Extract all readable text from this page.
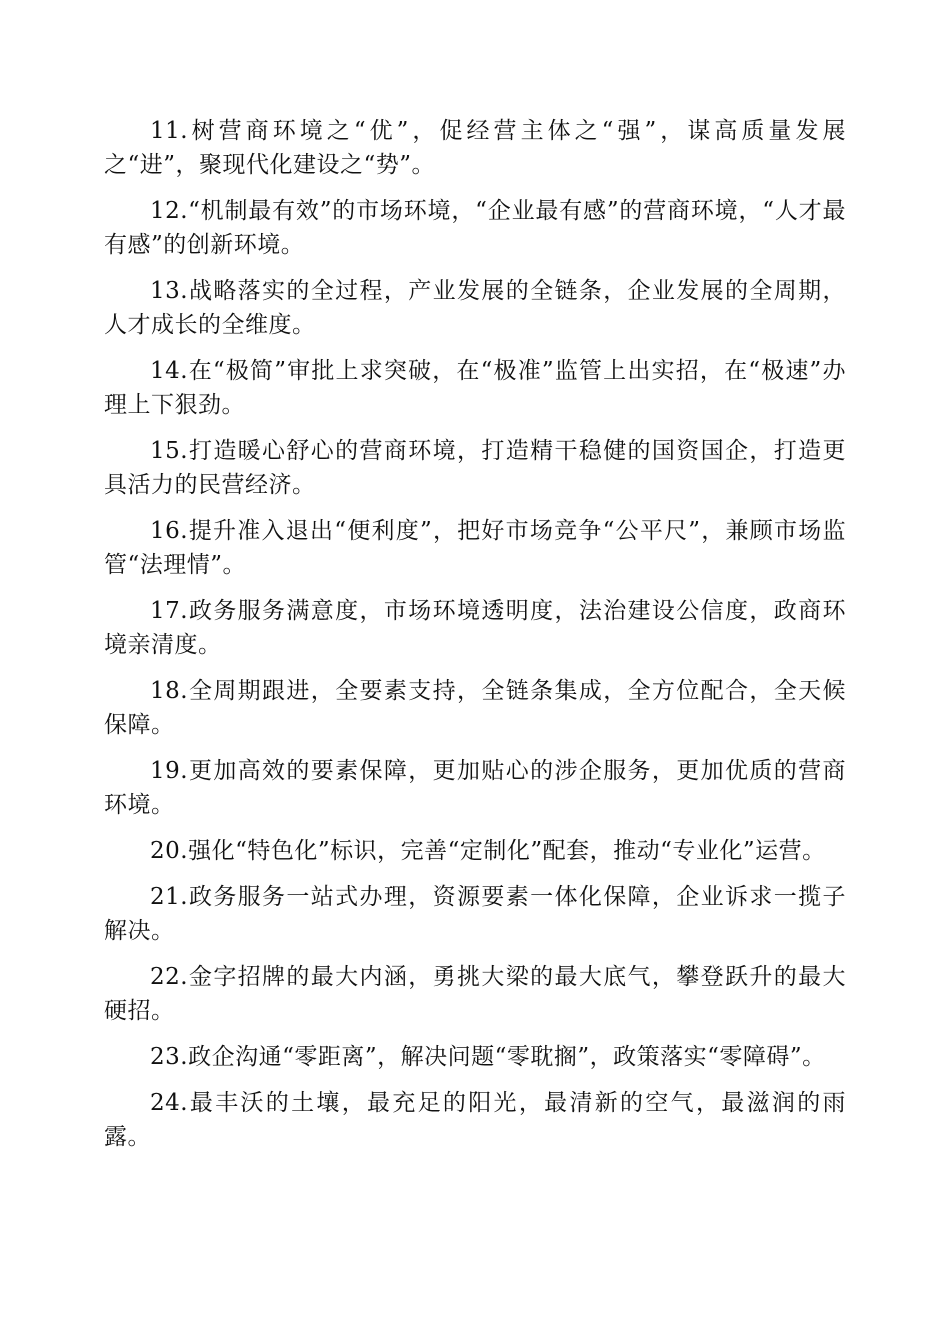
11.树营商环境之“优”，促经营主体之“强”，谋高质量发展之“进”，聚现代化建设之“势”。

12.“机制最有效”的市场环境，“企业最有感”的营商环境，“人才最有感”的创新环境。

13.战略落实的全过程，产业发展的全链条，企业发展的全周期，人才成长的全维度。

14.在“极简”审批上求突破，在“极准”监管上出实招，在“极速”办理上下狠劲。

15.打造暖心舒心的营商环境，打造精干稳健的国资国企，打造更具活力的民营经济。

16.提升准入退出“便利度”，把好市场竞争“公平尺”，兼顾市场监管“法理情”。

17.政务服务满意度，市场环境透明度，法治建设公信度，政商环境亲清度。

18.全周期跟进，全要素支持，全链条集成，全方位配合，全天候保障。

19.更加高效的要素保障，更加贴心的涉企服务，更加优质的营商环境。

20.强化“特色化”标识，完善“定制化”配套，推动“专业化”运营。

21.政务服务一站式办理，资源要素一体化保障，企业诉求一揽子解决。

22.金字招牌的最大内涵，勇挑大梁的最大底气，攀登跃升的最大硬招。

23.政企沟通“零距离”，解决问题“零耽搁”，政策落实“零障碍”。

24.最丰沃的土壤，最充足的阳光，最清新的空气，最滋润的雨露。
